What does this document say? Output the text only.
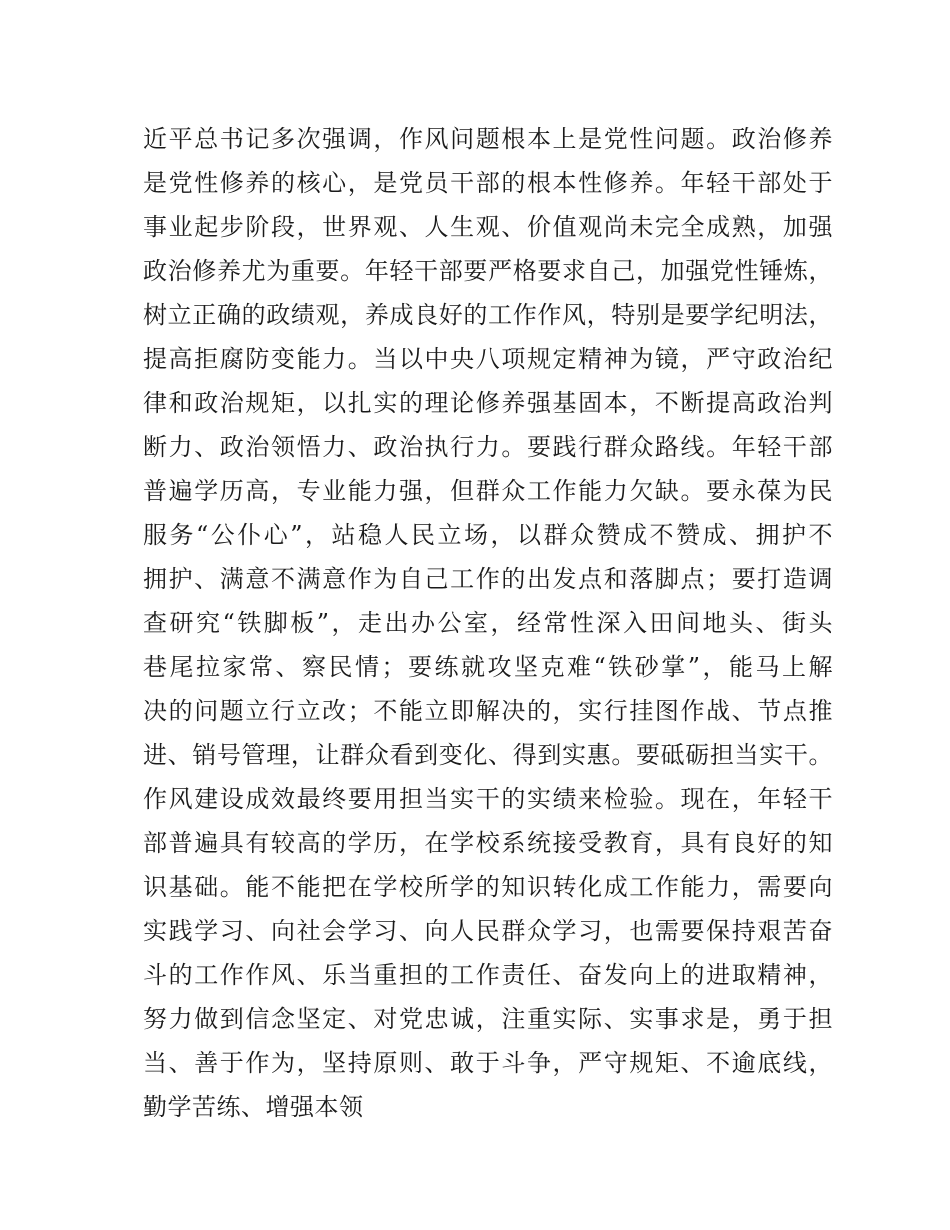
近平总书记多次强调，作风问题根本上是党性问题。政治修养
是党性修养的核心，是党员干部的根本性修养。年轻干部处于
事业起步阶段，世界观、人生观、价值观尚未完全成熟，加强
政治修养尤为重要。年轻干部要严格要求自己，加强党性锤炼，
树立正确的政绩观，养成良好的工作作风，特别是要学纪明法，
提高拒腐防变能力。当以中央八项规定精神为镜，严守政治纪
律和政治规矩，以扎实的理论修养强基固本，不断提高政治判
断力、政治领悟力、政治执行力。要践行群众路线。年轻干部
普遍学历高，专业能力强，但群众工作能力欠缺。要永葆为民
服务“公仆心”，站稳人民立场，以群众赞成不赞成、拥护不
拥护、满意不满意作为自己工作的出发点和落脚点；要打造调
查研究“铁脚板”，走出办公室，经常性深入田间地头、街头
巷尾拉家常、察民情；要练就攻坚克难“铁砂掌”，能马上解
决的问题立行立改；不能立即解决的，实行挂图作战、节点推
进、销号管理，让群众看到变化、得到实惠。要砥砺担当实干。
作风建设成效最终要用担当实干的实绩来检验。现在，年轻干
部普遍具有较高的学历，在学校系统接受教育，具有良好的知
识基础。能不能把在学校所学的知识转化成工作能力，需要向
实践学习、向社会学习、向人民群众学习，也需要保持艰苦奋
斗的工作作风、乐当重担的工作责任、奋发向上的进取精神，
努力做到信念坚定、对党忠诚，注重实际、实事求是，勇于担
当、善于作为，坚持原则、敢于斗争，严守规矩、不逾底线，
勤学苦练、增强本领
